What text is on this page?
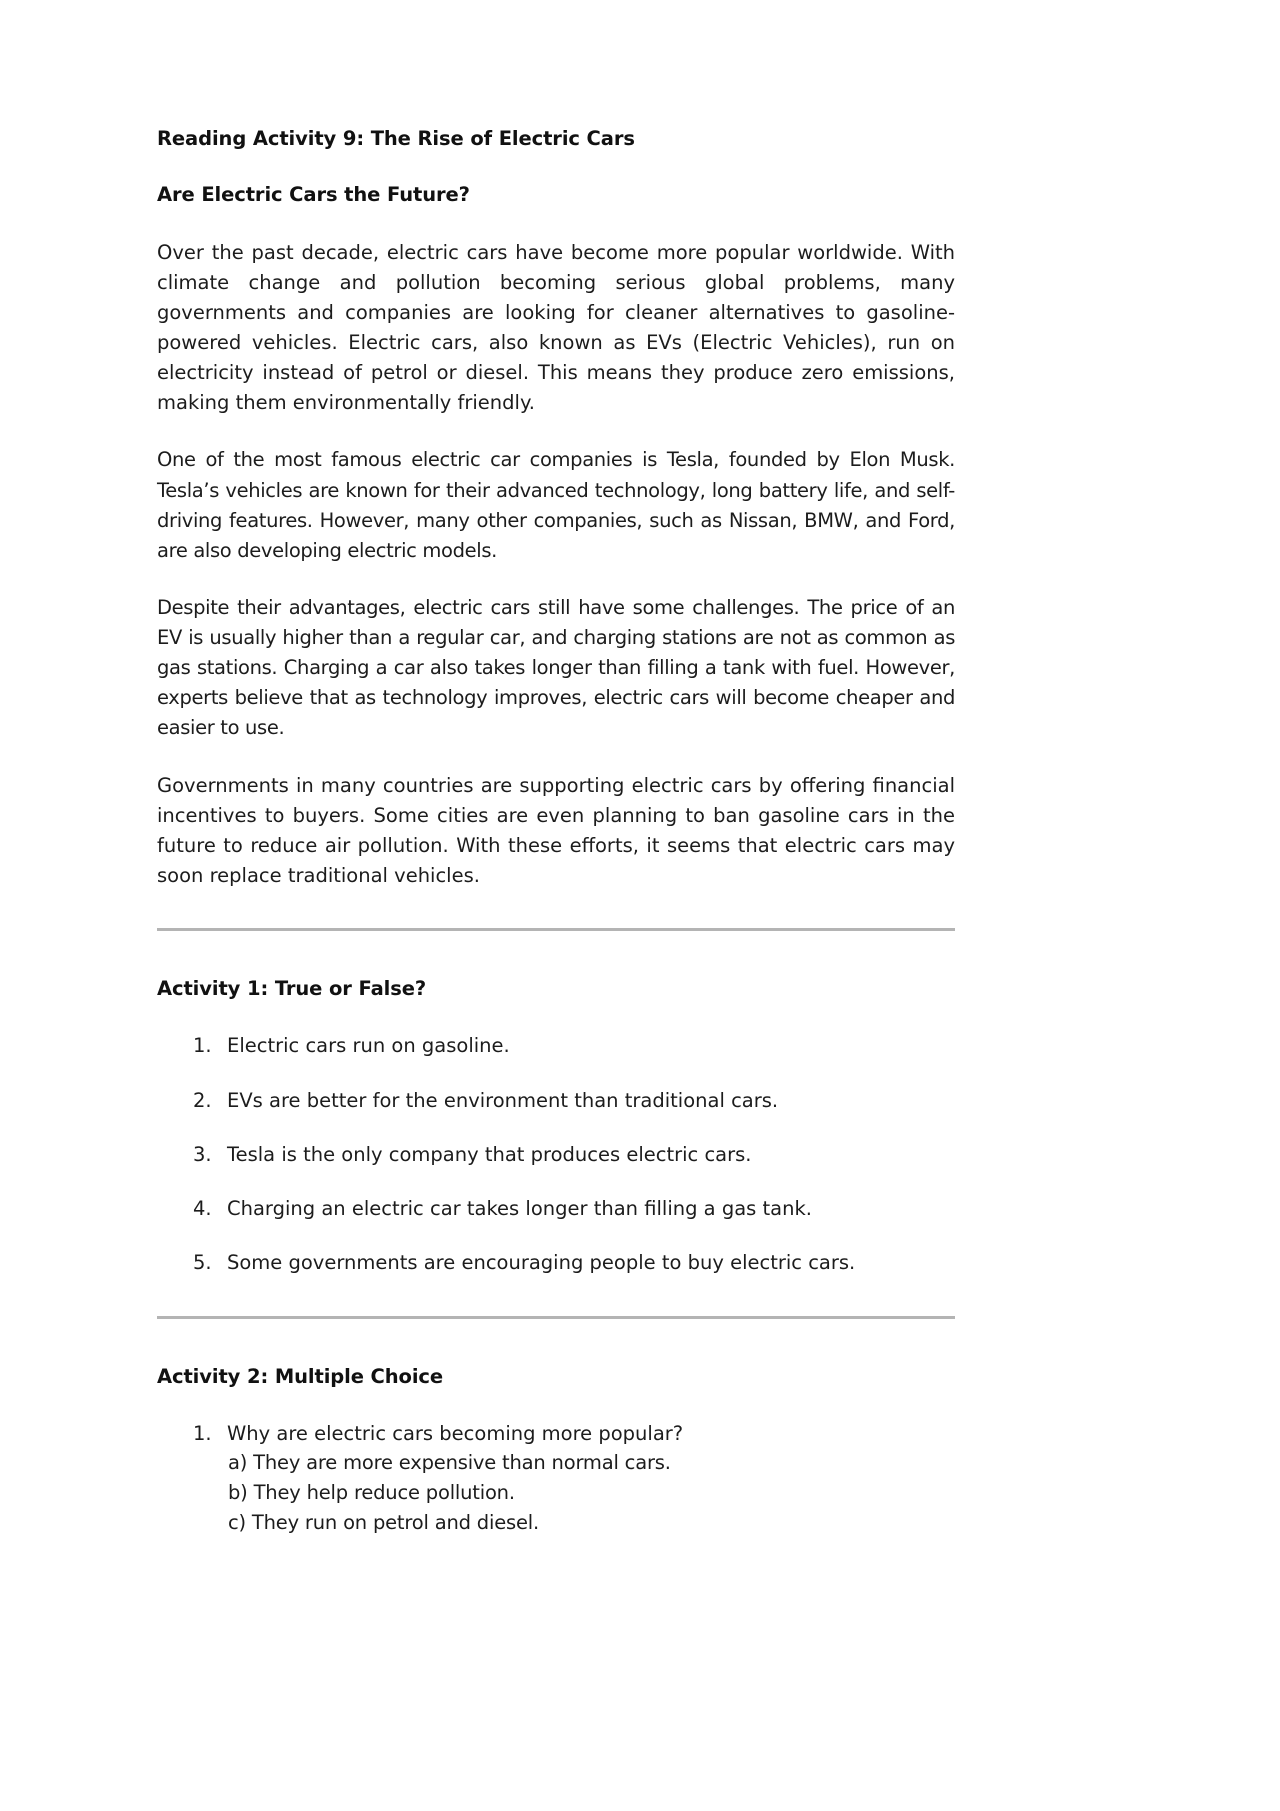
Reading Activity 9: The Rise of Electric Cars
Are Electric Cars the Future?

Over the past decade, electric cars have become more popular worldwide. With climate change and pollution becoming serious global problems, many governments and companies are looking for cleaner alternatives to gasoline-powered vehicles. Electric cars, also known as EVs (Electric Vehicles), run on electricity instead of petrol or diesel. This means they produce zero emissions, making them environmentally friendly.

One of the most famous electric car companies is Tesla, founded by Elon Musk. Tesla’s vehicles are known for their advanced technology, long battery life, and self-driving features. However, many other companies, such as Nissan, BMW, and Ford, are also developing electric models.

Despite their advantages, electric cars still have some challenges. The price of an EV is usually higher than a regular car, and charging stations are not as common as gas stations. Charging a car also takes longer than filling a tank with fuel. However, experts believe that as technology improves, electric cars will become cheaper and easier to use.

Governments in many countries are supporting electric cars by offering financial incentives to buyers. Some cities are even planning to ban gasoline cars in the future to reduce air pollution. With these efforts, it seems that electric cars may soon replace traditional vehicles.

Activity 1: True or False?
1. Electric cars run on gasoline.
2. EVs are better for the environment than traditional cars.
3. Tesla is the only company that produces electric cars.
4. Charging an electric car takes longer than filling a gas tank.
5. Some governments are encouraging people to buy electric cars.
Activity 2: Multiple Choice
1. Why are electric cars becoming more popular?
a) They are more expensive than normal cars.
b) They help reduce pollution.
c) They run on petrol and diesel.
